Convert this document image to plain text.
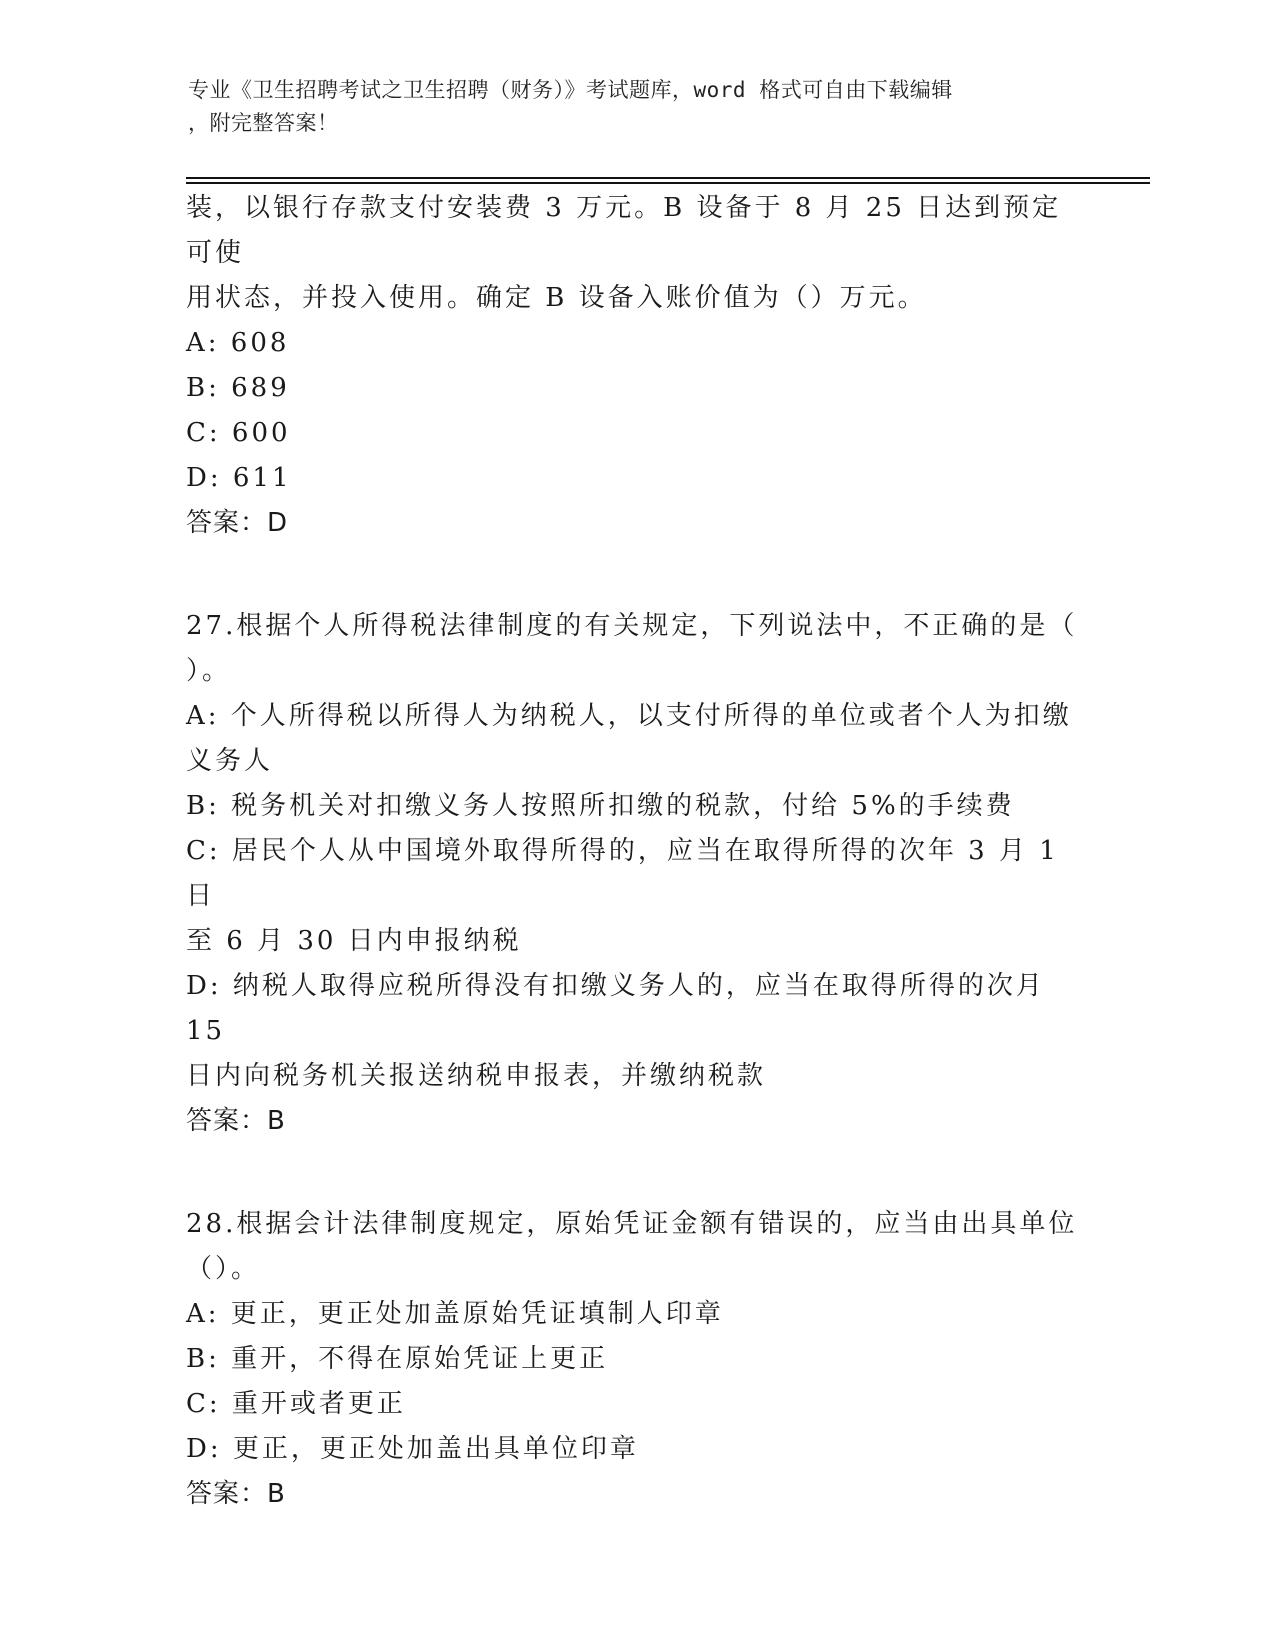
专业《卫生招聘考试之卫生招聘（财务）》考试题库，word 格式可自由下载编辑
，附完整答案！

装，以银行存款支付安装费 3 万元。B 设备于 8 月 25 日达到预定可使

用状态，并投入使用。确定 B 设备入账价值为（）万元。

A: 608

B: 689

C: 600

D: 611

答案：D

27.根据个人所得税法律制度的有关规定，下列说法中，不正确的是（

）。

A: 个人所得税以所得人为纳税人，以支付所得的单位或者个人为扣缴

义务人

B: 税务机关对扣缴义务人按照所扣缴的税款，付给 5%的手续费

C: 居民个人从中国境外取得所得的，应当在取得所得的次年 3 月 1 日

至 6 月 30 日内申报纳税

D: 纳税人取得应税所得没有扣缴义务人的，应当在取得所得的次月 15

日内向税务机关报送纳税申报表，并缴纳税款

答案：B

28.根据会计法律制度规定，原始凭证金额有错误的，应当由出具单位

（）。

A: 更正，更正处加盖原始凭证填制人印章

B: 重开，不得在原始凭证上更正

C: 重开或者更正

D: 更正，更正处加盖出具单位印章

答案：B
